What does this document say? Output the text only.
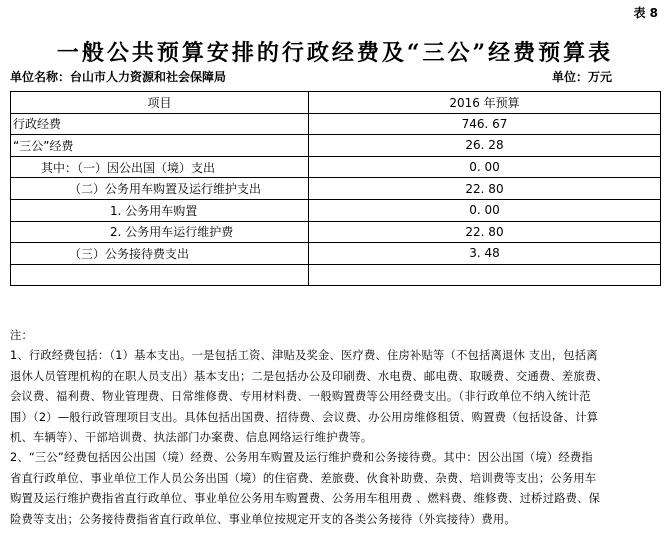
表 8
一般公共预算安排的行政经费及“三公”经费预算表
单位名称：台山市人力资源和社会保障局	单位：万元
项目	2016 年预算
行政经费	746. 67
“三公”经费	26. 28
其中：（一）因公出国（境）支出	0. 00
（二）公务用车购置及运行维护支出	22. 80
1. 公务用车购置	0. 00
2. 公务用车运行维护费	22. 80
（三）公务接待费支出	3. 48

注：
1、行政经费包括：（1）基本支出。一是包括工资、津贴及奖金、医疗费、住房补贴等（不包括离退休 支出，包括离
退休人员管理机构的在职人员支出）基本支出；二是包括办公及印刷费、水电费、邮电费、取暖费、交通费、差旅费、
会议费、福利费、物业管理费、日常维修费、专用材料费、一般购置费等公用经费支出。（非行政单位不纳入统计范
围）（2）—般行政管理项目支出。具体包括出国费、招待费、会议费、办公用房维修租赁、购置费（包括设备、计算
机、车辆等）、干部培训费、执法部门办案费、信息网络运行维护费等。
2、“三公”经费包括因公出国（境）经费、公务用车购置及运行维护费和公务接待费。其中：因公出国（境）经费指
省直行政单位、事业单位工作人员公务出国（境）的住宿费、差旅费、伙食补助费、杂费、培训费等支出；公务用车
购置及运行维护费指省直行政单位、事业单位公务用车购置费、公务用车租用费 、燃料费、维修费、过桥过路费、保
险费等支出；公务接待费指省直行政单位、事业单位按规定开支的各类公务接待（外宾接待）费用。
